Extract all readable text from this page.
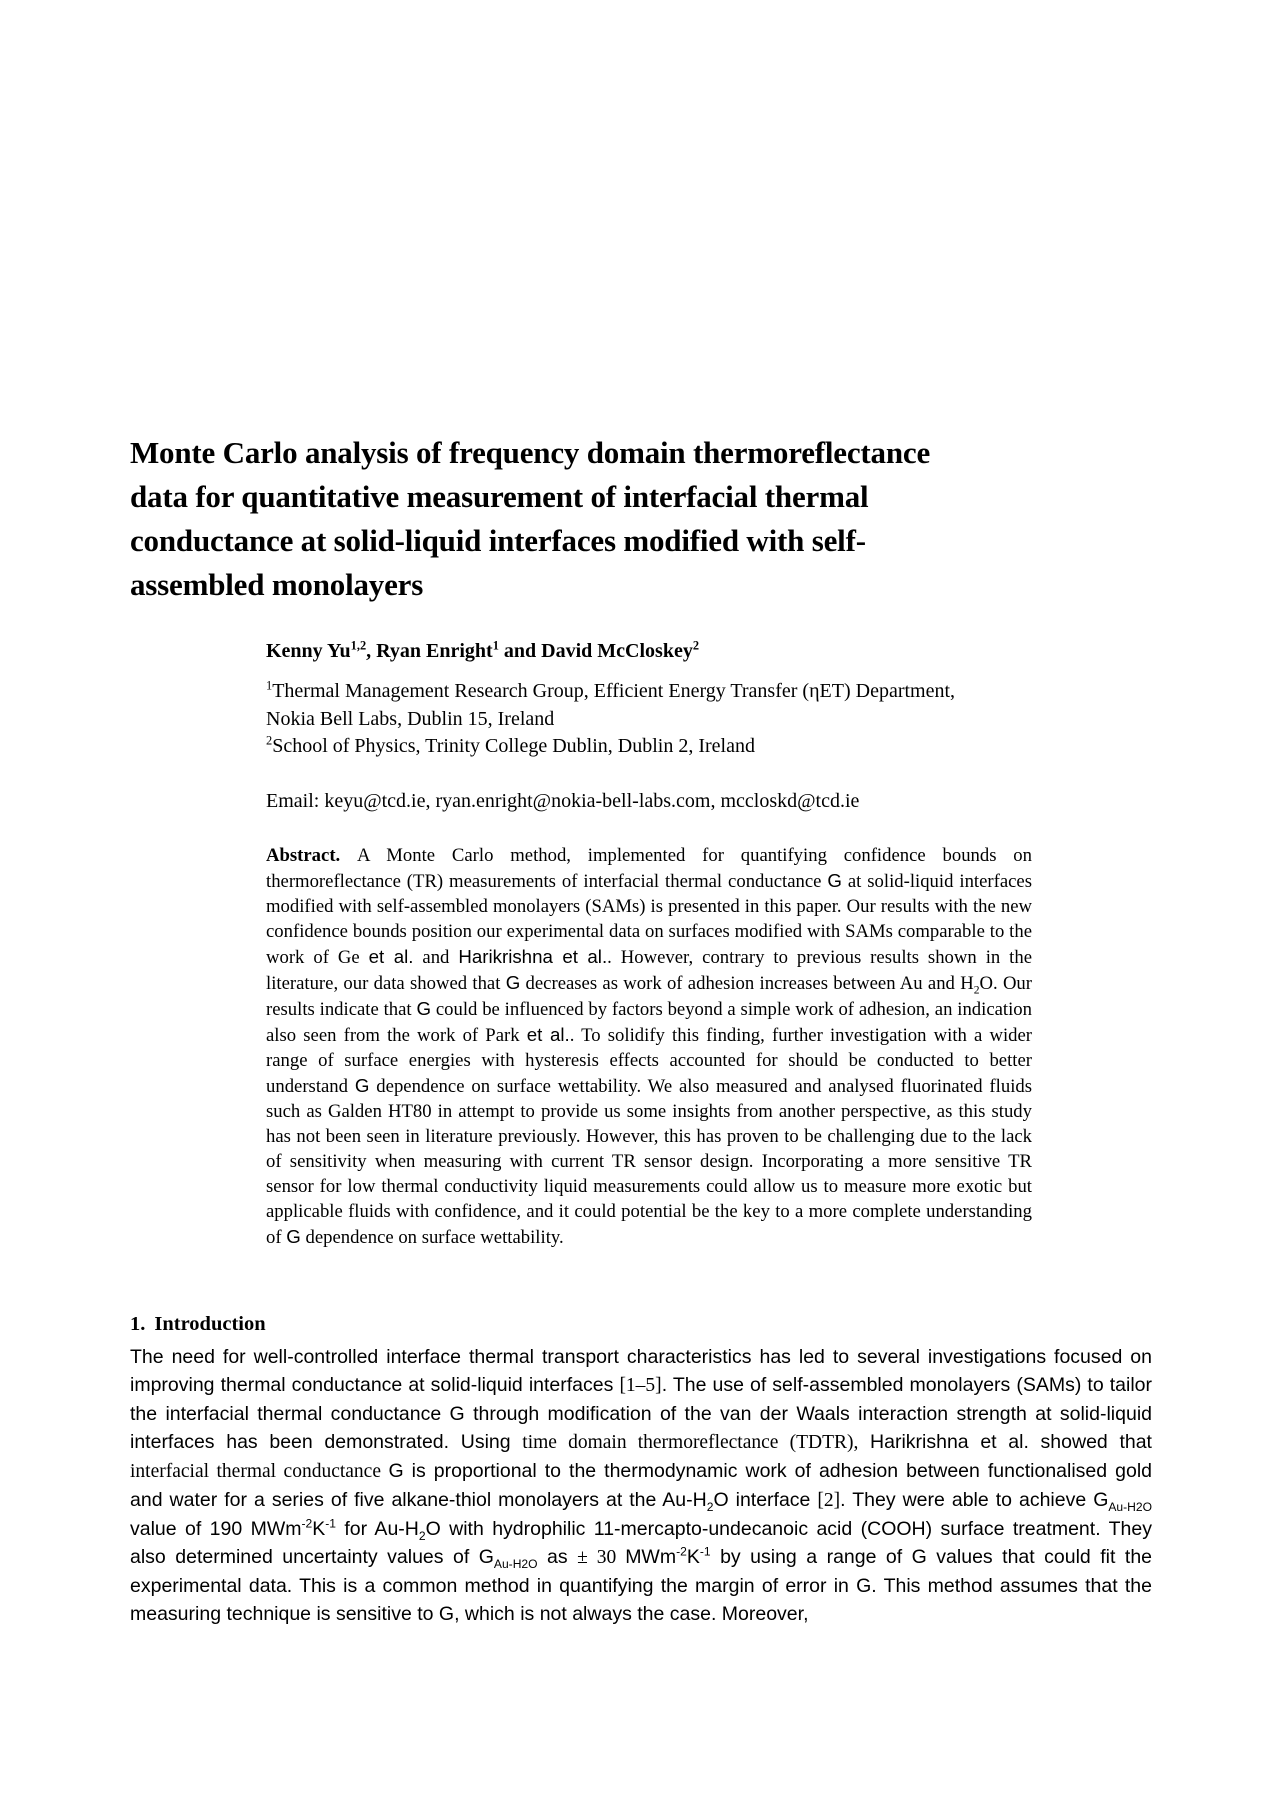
Monte Carlo analysis of frequency domain thermoreflectance
data for quantitative measurement of interfacial thermal
conductance at solid-liquid interfaces modified with self-
assembled monolayers
Kenny Yu$^{1,2}$, Ryan Enright$^1$ and David McCloskey$^2$
$^1$Thermal Management Research Group, Efficient Energy Transfer (ηET) Department,
Nokia Bell Labs, Dublin 15, Ireland
$^2$School of Physics, Trinity College Dublin, Dublin 2, Ireland
Email: keyu@tcd.ie, ryan.enright@nokia-bell-labs.com, mccloskd@tcd.ie
Abstract. A Monte Carlo method, implemented for quantifying confidence bounds on thermoreflectance (TR) measurements of interfacial thermal conductance G at solid-liquid interfaces modified with self-assembled monolayers (SAMs) is presented in this paper. Our results with the new confidence bounds position our experimental data on surfaces modified with SAMs comparable to the work of Ge et al. and Harikrishna et al.. However, contrary to previous results shown in the literature, our data showed that G decreases as work of adhesion increases between Au and $H_2O$. Our results indicate that G could be influenced by factors beyond a simple work of adhesion, an indication also seen from the work of Park et al.. To solidify this finding, further investigation with a wider range of surface energies with hysteresis effects accounted for should be conducted to better understand G dependence on surface wettability. We also measured and analysed fluorinated fluids such as Galden HT80 in attempt to provide us some insights from another perspective, as this study has not been seen in literature previously. However, this has proven to be challenging due to the lack of sensitivity when measuring with current TR sensor design. Incorporating a more sensitive TR sensor for low thermal conductivity liquid measurements could allow us to measure more exotic but applicable fluids with confidence, and it could potential be the key to a more complete understanding of G dependence on surface wettability.
1. Introduction
The need for well-controlled interface thermal transport characteristics has led to several investigations focused on improving thermal conductance at solid-liquid interfaces [1–5]. The use of self-assembled monolayers (SAMs) to tailor the interfacial thermal conductance G through modification of the van der Waals interaction strength at solid-liquid interfaces has been demonstrated. Using time domain thermoreflectance (TDTR), Harikrishna et al. showed that interfacial thermal conductance G is proportional to the thermodynamic work of adhesion between functionalised gold and water for a series of five alkane-thiol monolayers at the $Au-H_2O$ interface [2]. They were able to achieve $G_{Au-H2O}$ value of 190 $MWm^{-2}K^{-1}$ for $Au-H_2O$ with hydrophilic 11-mercapto-undecanoic acid (COOH) surface treatment. They also determined uncertainty values of $G_{Au-H2O}$ as ± 30 $MWm^{-2}K^{-1}$ by using a range of G values that could fit the experimental data. This is a common method in quantifying the margin of error in G. This method assumes that the measuring technique is sensitive to G, which is not always the case. Moreover,
